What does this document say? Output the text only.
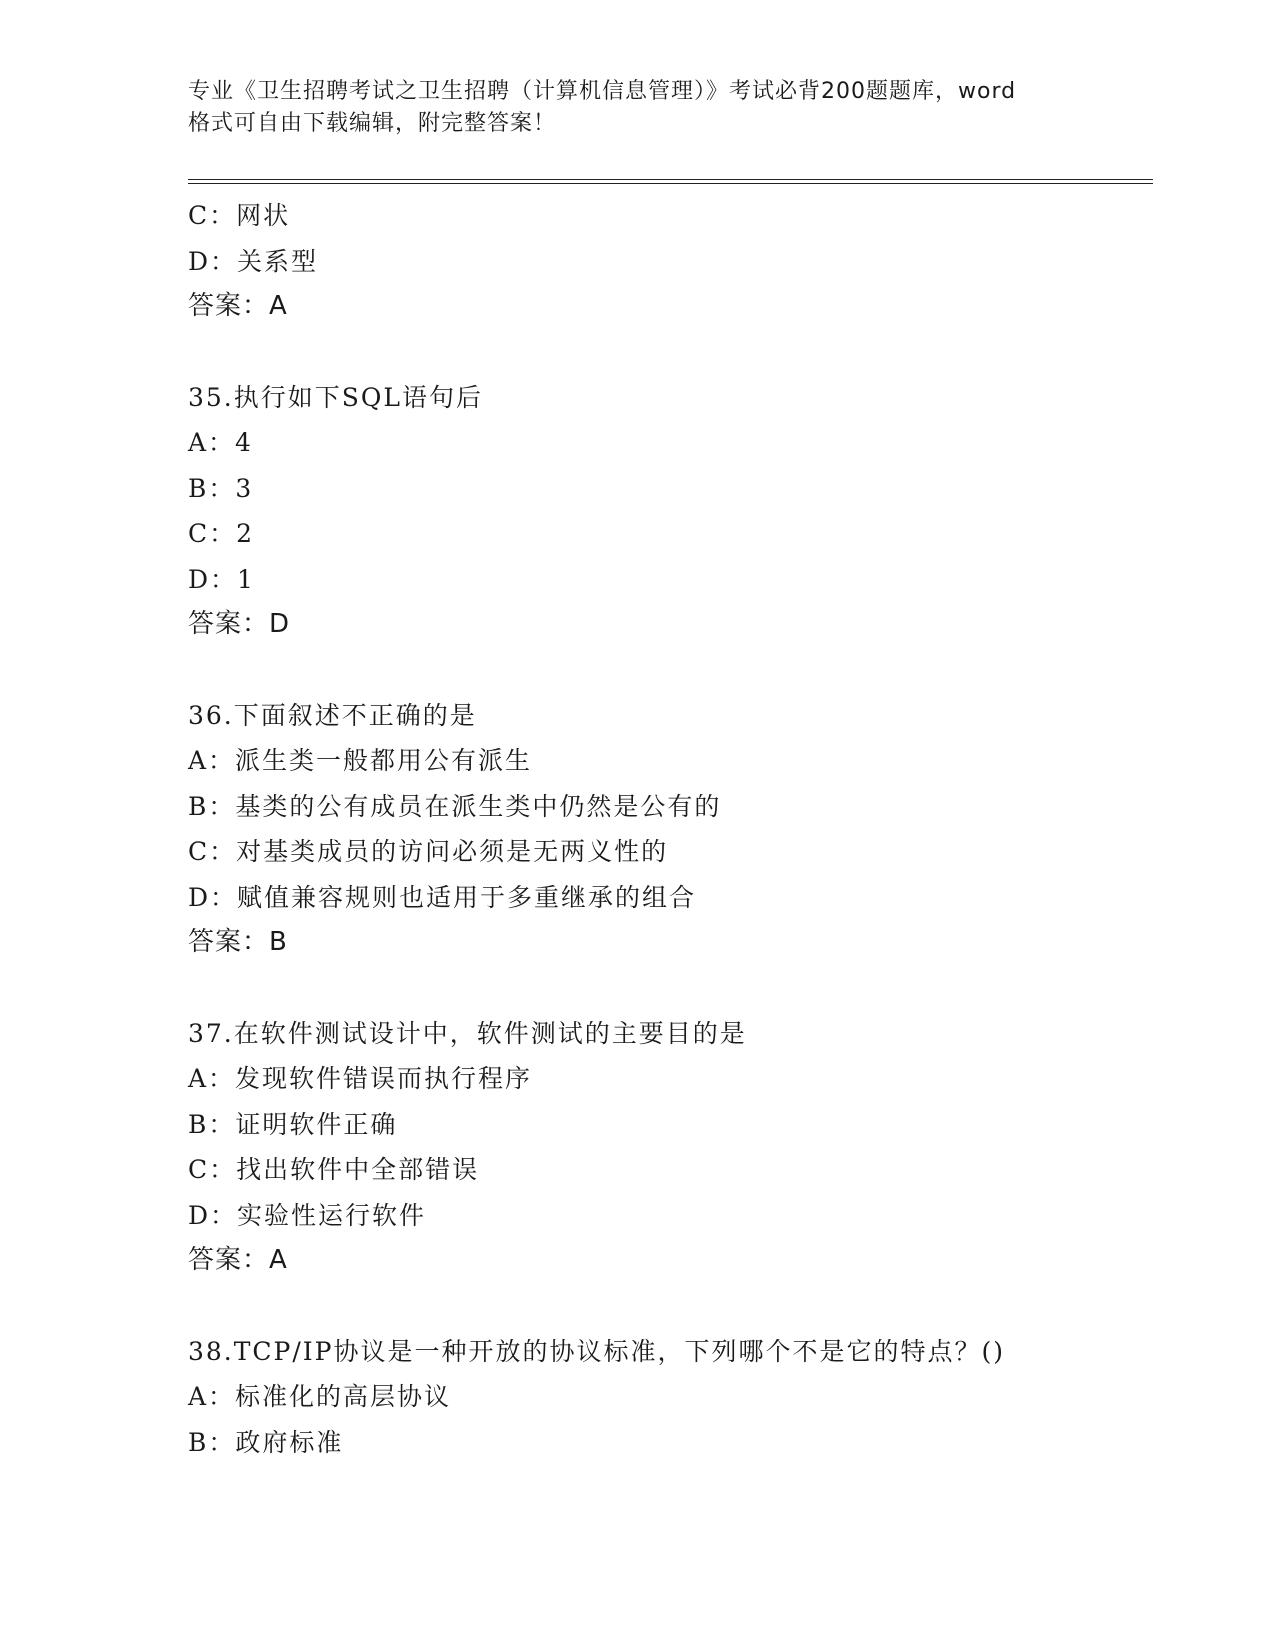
专业《卫生招聘考试之卫生招聘（计算机信息管理）》考试必背200题题库，word
格式可自由下载编辑，附完整答案！
C：网状
D：关系型
答案：A
35.执行如下SQL语句后
A：4
B：3
C：2
D：1
答案：D
36.下面叙述不正确的是
A：派生类一般都用公有派生
B：基类的公有成员在派生类中仍然是公有的
C：对基类成员的访问必须是无两义性的
D：赋值兼容规则也适用于多重继承的组合
答案：B
37.在软件测试设计中，软件测试的主要目的是
A：发现软件错误而执行程序
B：证明软件正确
C：找出软件中全部错误
D：实验性运行软件
答案：A
38.TCP/IP协议是一种开放的协议标准，下列哪个不是它的特点？()
A：标准化的高层协议
B：政府标准
